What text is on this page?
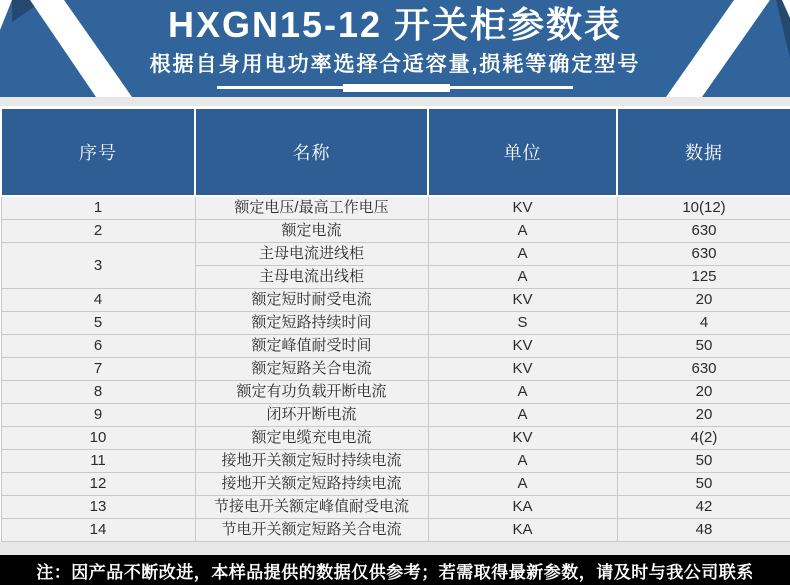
HXGN15-12 开关柜参数表
根据自身用电功率选择合适容量,损耗等确定型号
序号	名称	单位	数据
1	额定电压/最高工作电压	KV	10(12)
2	额定电流	A	630
3	主母电流进线柜	A	630
	主母电流出线柜	A	125
4	额定短时耐受电流	KV	20
5	额定短路持续时间	S	4
6	额定峰值耐受时间	KV	50
7	额定短路关合电流	KV	630
8	额定有功负载开断电流	A	20
9	闭环开断电流	A	20
10	额定电缆充电电流	KV	4(2)
11	接地开关额定短时持续电流	A	50
12	接地开关额定短路持续电流	A	50
13	节接电开关额定峰值耐受电流	KA	42
14	节电开关额定短路关合电流	KA	48
注：因产品不断改进，本样品提供的数据仅供参考；若需取得最新参数，请及时与我公司联系
